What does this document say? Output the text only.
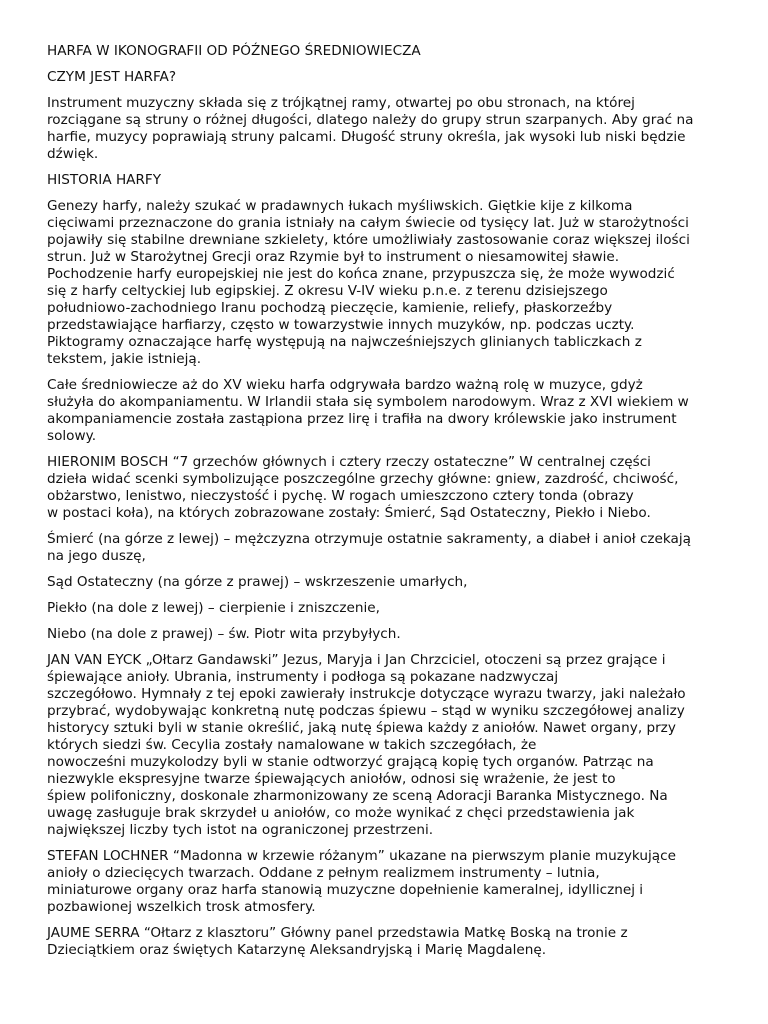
HARFA W IKONOGRAFII OD PÓŹNEGO ŚREDNIOWIECZA

CZYM JEST HARFA?

Instrument muzyczny składa się z trójkątnej ramy, otwartej po obu stronach, na której
rozciągane są struny o różnej długości, dlatego należy do grupy strun szarpanych. Aby grać na
harfie, muzycy poprawiają struny palcami. Długość struny określa, jak wysoki lub niski będzie
dźwięk.

HISTORIA HARFY

Genezy harfy, należy szukać w pradawnych łukach myśliwskich. Giętkie kije z kilkoma
cięciwami przeznaczone do grania istniały na całym świecie od tysięcy lat. Już w starożytności
pojawiły się stabilne drewniane szkielety, które umożliwiały zastosowanie coraz większej ilości
strun. Już w Starożytnej Grecji oraz Rzymie był to instrument o niesamowitej sławie.
Pochodzenie harfy europejskiej nie jest do końca znane, przypuszcza się, że może wywodzić
się z harfy celtyckiej lub egipskiej. Z okresu V-IV wieku p.n.e. z terenu dzisiejszego
południowo-zachodniego Iranu pochodzą pieczęcie, kamienie, reliefy, płaskorzeźby
przedstawiające harfiarzy, często w towarzystwie innych muzyków, np. podczas uczty.
Piktogramy oznaczające harfę występują na najwcześniejszych glinianych tabliczkach z
tekstem, jakie istnieją.

Całe średniowiecze aż do XV wieku harfa odgrywała bardzo ważną rolę w muzyce, gdyż
służyła do akompaniamentu. W Irlandii stała się symbolem narodowym. Wraz z XVI wiekiem w
akompaniamencie została zastąpiona przez lirę i trafiła na dwory królewskie jako instrument
solowy.

HIERONIM BOSCH “7 grzechów głównych i cztery rzeczy ostateczne” W centralnej części
dzieła widać scenki symbolizujące poszczególne grzechy główne: gniew, zazdrość, chciwość,
obżarstwo, lenistwo, nieczystość i pychę. W rogach umieszczono cztery tonda (obrazy
w postaci koła), na których zobrazowane zostały: Śmierć, Sąd Ostateczny, Piekło i Niebo.

Śmierć (na górze z lewej) – mężczyzna otrzymuje ostatnie sakramenty, a diabeł i anioł czekają
na jego duszę,

Sąd Ostateczny (na górze z prawej) – wskrzeszenie umarłych,

Piekło (na dole z lewej) – cierpienie i zniszczenie,

Niebo (na dole z prawej) – św. Piotr wita przybyłych.

JAN VAN EYCK „Ołtarz Gandawski” Jezus, Maryja i Jan Chrzciciel, otoczeni są przez grające i
śpiewające anioły. Ubrania, instrumenty i podłoga są pokazane nadzwyczaj
szczegółowo. Hymnały z tej epoki zawierały instrukcje dotyczące wyrazu twarzy, jaki należało
przybrać, wydobywając konkretną nutę podczas śpiewu – stąd w wyniku szczegółowej analizy
historycy sztuki byli w stanie określić, jaką nutę śpiewa każdy z aniołów. Nawet organy, przy
których siedzi św. Cecylia zostały namalowane w takich szczegółach, że
nowocześni muzykolodzy byli w stanie odtworzyć grającą kopię tych organów. Patrząc na
niezwykle ekspresyjne twarze śpiewających aniołów, odnosi się wrażenie, że jest to
śpiew polifoniczny, doskonale zharmonizowany ze sceną Adoracji Baranka Mistycznego. Na
uwagę zasługuje brak skrzydeł u aniołów, co może wynikać z chęci przedstawienia jak
największej liczby tych istot na ograniczonej przestrzeni.

STEFAN LOCHNER “Madonna w krzewie różanym” ukazane na pierwszym planie muzykujące
anioły o dziecięcych twarzach. Oddane z pełnym realizmem instrumenty – lutnia,
miniaturowe organy oraz harfa stanowią muzyczne dopełnienie kameralnej, idyllicznej i
pozbawionej wszelkich trosk atmosfery.

JAUME SERRA “Ołtarz z klasztoru” Główny panel przedstawia Matkę Boską na tronie z
Dzieciątkiem oraz świętych Katarzynę Aleksandryjską i Marię Magdalenę.
